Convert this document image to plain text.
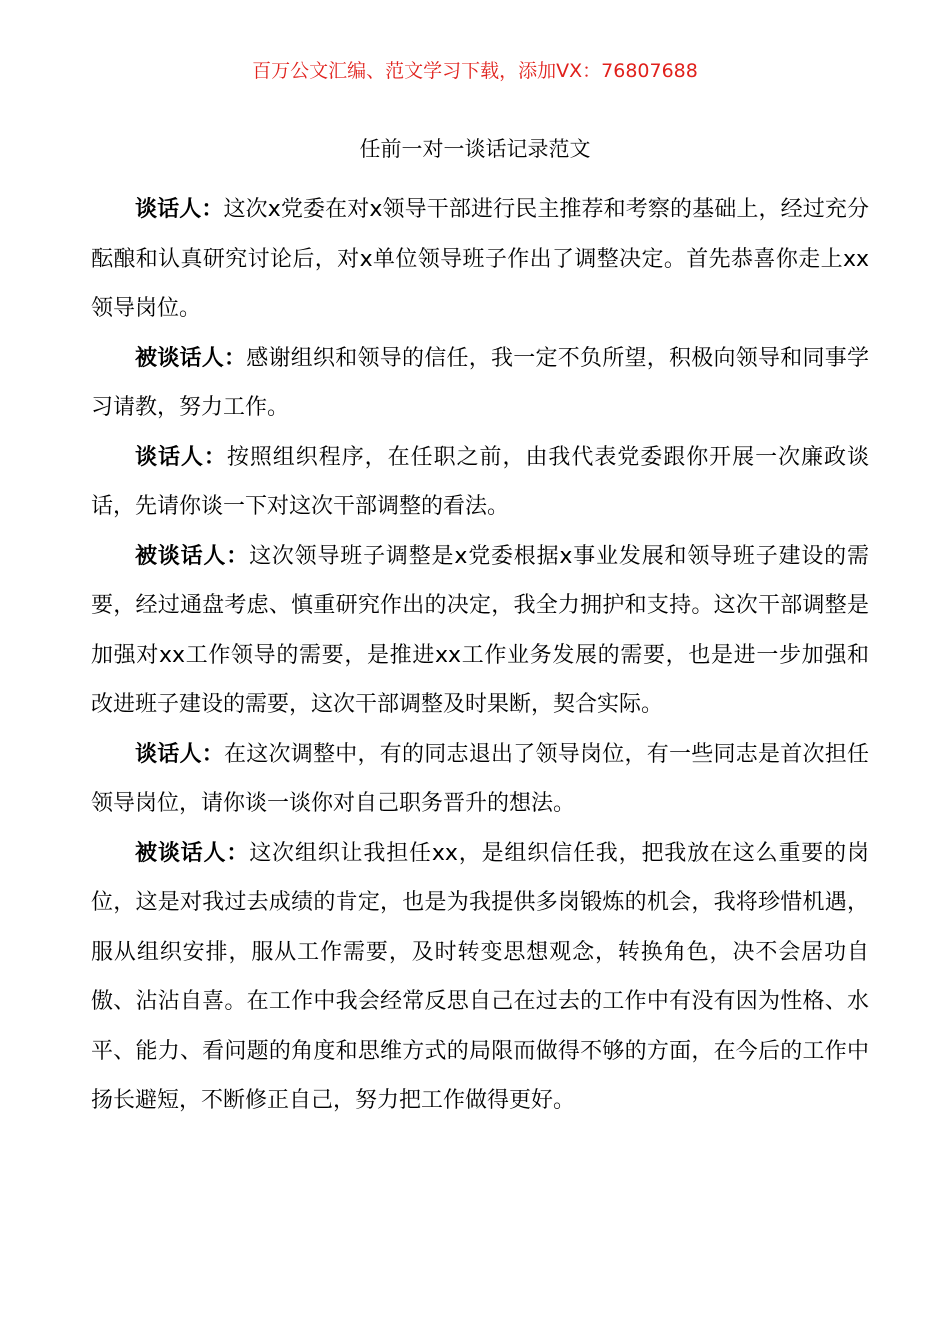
百万公文汇编、范文学习下载，添加VX：76807688
任前一对一谈话记录范文

谈话人：这次x党委在对x领导干部进行民主推荐和考察的基础上，经过充分酝酿和认真研究讨论后，对x单位领导班子作出了调整决定。首先恭喜你走上xx领导岗位。

被谈话人：感谢组织和领导的信任，我一定不负所望，积极向领导和同事学习请教，努力工作。

谈话人：按照组织程序，在任职之前，由我代表党委跟你开展一次廉政谈话，先请你谈一下对这次干部调整的看法。

被谈话人：这次领导班子调整是x党委根据x事业发展和领导班子建设的需要，经过通盘考虑、慎重研究作出的决定，我全力拥护和支持。这次干部调整是加强对xx工作领导的需要，是推进xx工作业务发展的需要，也是进一步加强和改进班子建设的需要，这次干部调整及时果断，契合实际。

谈话人：在这次调整中，有的同志退出了领导岗位，有一些同志是首次担任领导岗位，请你谈一谈你对自己职务晋升的想法。

被谈话人：这次组织让我担任xx，是组织信任我，把我放在这么重要的岗位，这是对我过去成绩的肯定，也是为我提供多岗锻炼的机会，我将珍惜机遇，服从组织安排，服从工作需要，及时转变思想观念，转换角色，决不会居功自傲、沾沾自喜。在工作中我会经常反思自己在过去的工作中有没有因为性格、水平、能力、看问题的角度和思维方式的局限而做得不够的方面，在今后的工作中扬长避短，不断修正自己，努力把工作做得更好。
